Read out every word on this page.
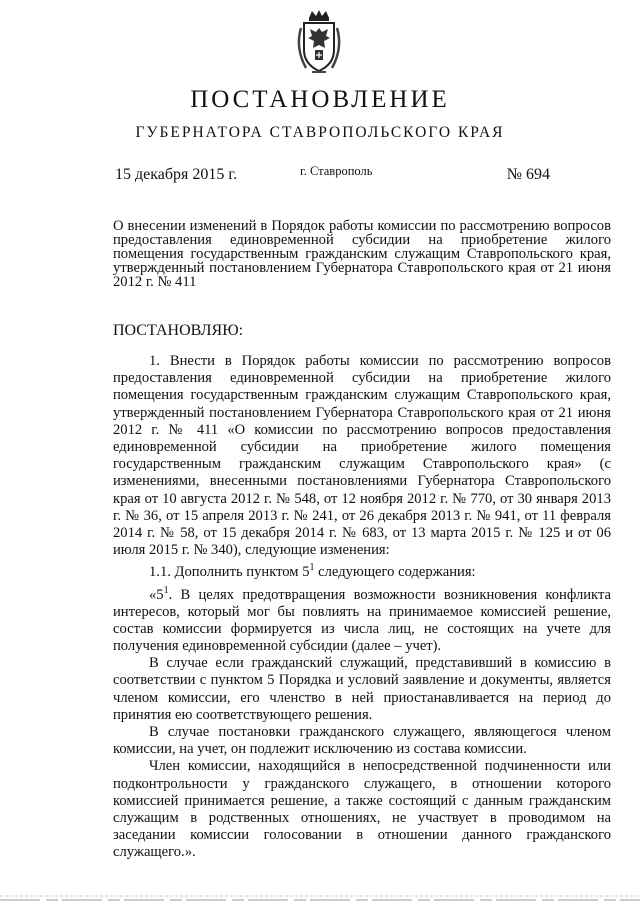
ПОСТАНОВЛЕНИЕ
ГУБЕРНАТОРА СТАВРОПОЛЬСКОГО КРАЯ
15 декабря 2015 г.	г. Ставрополь	№ 694
О внесении изменений в Порядок работы комиссии по рассмотрению вопросов предоставления единовременной субсидии на приобретение жилого помещения государственным гражданским служащим Ставропольского края, утвержденный постановлением Губернатора Ставропольского края от 21 июня 2012 г. № 411
ПОСТАНОВЛЯЮ:

1. Внести в Порядок работы комиссии по рассмотрению вопросов предоставления единовременной субсидии на приобретение жилого помещения государственным гражданским служащим Ставропольского края, утвержденный постановлением Губернатора Ставропольского края от 21 июня 2012 г. № 411 «О комиссии по рассмотрению вопросов предоставления единовременной субсидии на приобретение жилого помещения государственным гражданским служащим Ставропольского края» (с изменениями, внесенными постановлениями Губернатора Ставропольского края от 10 августа 2012 г. № 548, от 12 ноября 2012 г. № 770, от 30 января 2013 г. № 36, от 15 апреля 2013 г. № 241, от 26 декабря 2013 г. № 941, от 11 февраля 2014 г. № 58, от 15 декабря 2014 г. № 683, от 13 марта 2015 г. № 125 и от 06 июля 2015 г. № 340), следующие изменения:

1.1. Дополнить пунктом $5^1$ следующего содержания:

«$5^1$. В целях предотвращения возможности возникновения конфликта интересов, который мог бы повлиять на принимаемое комиссией решение, состав комиссии формируется из числа лиц, не состоящих на учете для получения единовременной субсидии (далее – учет).

В случае если гражданский служащий, представивший в комиссию в соответствии с пунктом 5 Порядка и условий заявление и документы, является членом комиссии, его членство в ней приостанавливается на период до принятия ею соответствующего решения.

В случае постановки гражданского служащего, являющегося членом комиссии, на учет, он подлежит исключению из состава комиссии.

Член комиссии, находящийся в непосредственной подчиненности или подконтрольности у гражданского служащего, в отношении которого комиссией принимается решение, а также состоящий с данным гражданским служащим в родственных отношениях, не участвует в проводимом на заседании комиссии голосовании в отношении данного гражданского служащего.».
